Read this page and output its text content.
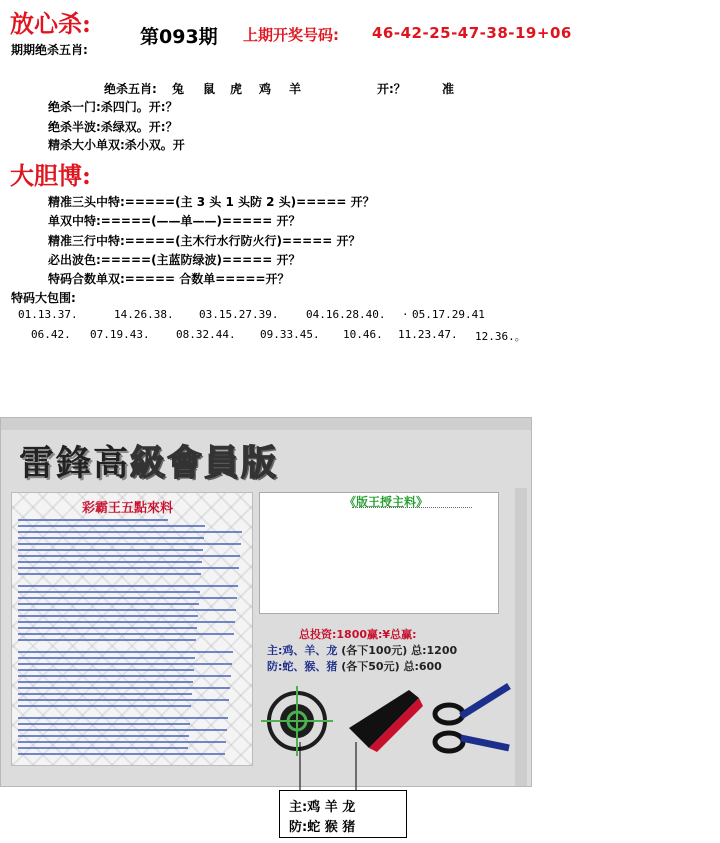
放心杀:	第093期 上期开奖号码: 46-42-25-47-38-19+06
期期绝杀五肖:
绝杀五肖: 兔 鼠 虎 鸡 羊	开:？	准
绝杀一门:杀四门。开:？
绝杀半波:杀绿双。开:？
精杀大小单双:杀小双。开
大胆博:
精准三头中特:=====(主 3 头 1 头防 2 头)===== 开？
单双中特:=====(——单——)===== 开？
精准三行中特:=====(主木行水行防火行)===== 开？
必出波色:=====(主蓝防绿波)===== 开？
特码合数单双:===== 合数单=====开？
特码大包围:
01.13.37.	14.26.38. 03.15.27.39.	04.16.28.40. · 05.17.29.41
06.42. 07.19.43. 08.32.44. 09.33.45. 10.46. 11.23.47. 12.36.。
雷鋒高級會員版
彩霸王五點來料	《版王授主料》
总投资:1800赢:¥总赢:
主:鸡、羊、龙 (各下100元) 总:1200
防:蛇、猴、猪 (各下50元) 总:600
主:鸡 羊 龙
防:蛇 猴 猪
